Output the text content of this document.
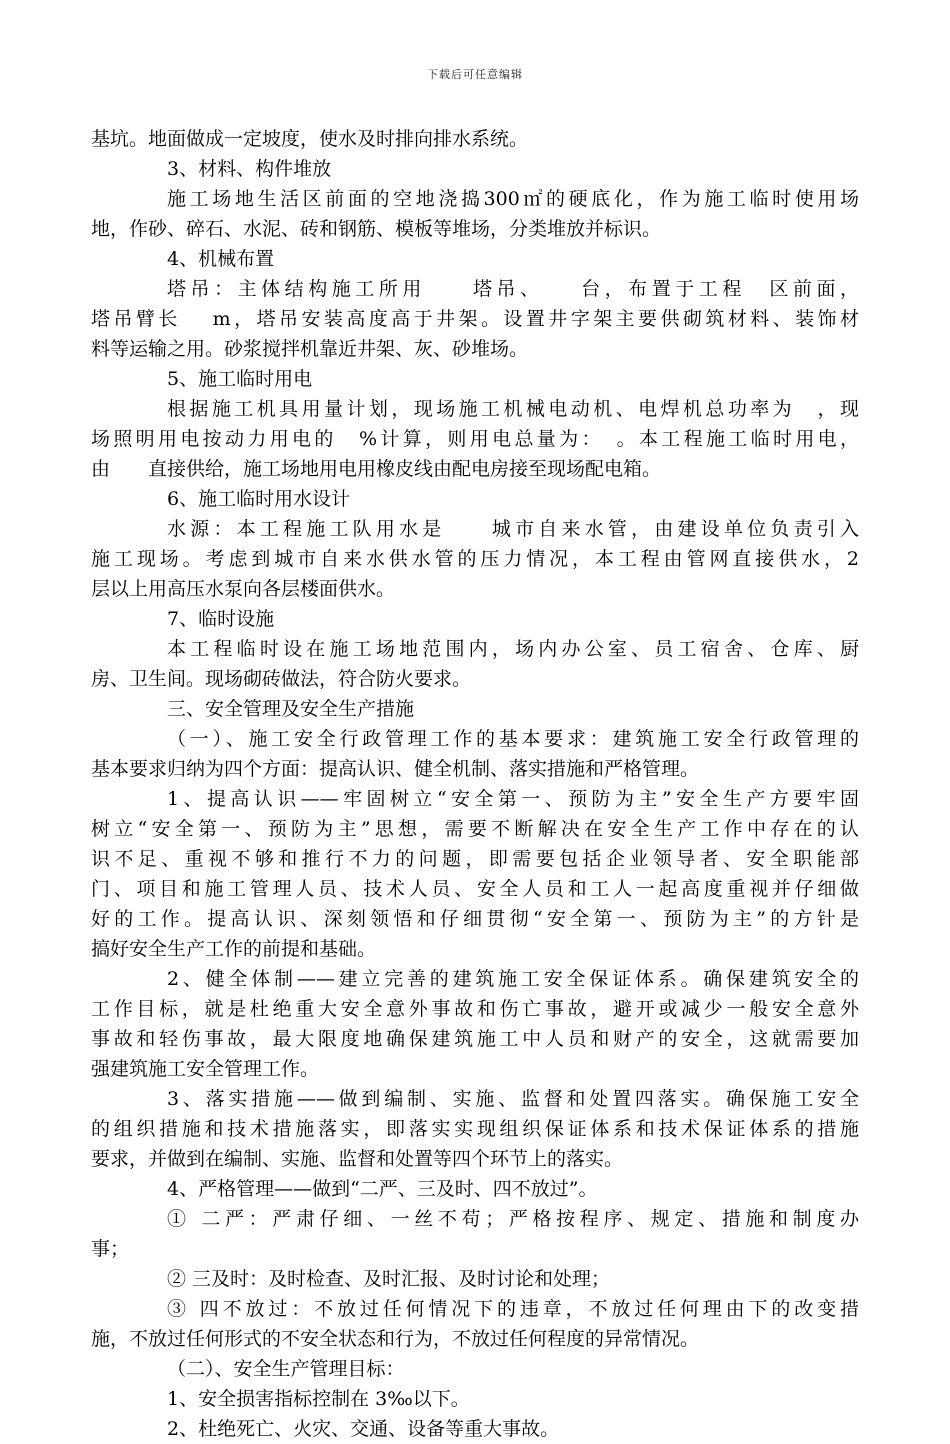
下载后可任意编辑
基坑。地面做成一定坡度，使水及时排向排水系统。
3、材料、构件堆放
施工场地生活区前面的空地浇捣300㎡的硬底化，作为施工临时使用场
地，作砂、碎石、水泥、砖和钢筋、模板等堆场，分类堆放并标识。
4、机械布置
塔吊：主体结构施工所用　　塔吊、　　台，布置于工程　区前面，
塔吊臂长　 m，塔吊安装高度高于井架。设置井字架主要供砌筑材料、装饰材
料等运输之用。砂浆搅拌机靠近井架、灰、砂堆场。
5、施工临时用电
根据施工机具用量计划，现场施工机械电动机、电焊机总功率为　，现
场照明用电按动力用电的　%计算，则用电总量为：　。本工程施工临时用电，
由　　直接供给，施工场地用电用橡皮线由配电房接至现场配电箱。
6、施工临时用水设计
水源：本工程施工队用水是　　城市自来水管，由建设单位负责引入
施工现场。考虑到城市自来水供水管的压力情况，本工程由管网直接供水，2
层以上用高压水泵向各层楼面供水。
7、临时设施
本工程临时设在施工场地范围内，场内办公室、员工宿舍、仓库、厨
房、卫生间。现场砌砖做法，符合防火要求。
三、安全管理及安全生产措施
（一）、施工安全行政管理工作的基本要求：建筑施工安全行政管理的
基本要求归纳为四个方面：提高认识、健全机制、落实措施和严格管理。
1、提高认识——牢固树立“安全第一、预防为主”安全生产方要牢固
树立“安全第一、预防为主”思想，需要不断解决在安全生产工作中存在的认
识不足、重视不够和推行不力的问题，即需要包括企业领导者、安全职能部
门、项目和施工管理人员、技术人员、安全人员和工人一起高度重视并仔细做
好的工作。提高认识、深刻领悟和仔细贯彻“安全第一、预防为主”的方针是
搞好安全生产工作的前提和基础。
2、健全体制——建立完善的建筑施工安全保证体系。确保建筑安全的
工作目标，就是杜绝重大安全意外事故和伤亡事故，避开或减少一般安全意外
事故和轻伤事故，最大限度地确保建筑施工中人员和财产的安全，这就需要加
强建筑施工安全管理工作。
3、落实措施——做到编制、实施、监督和处置四落实。确保施工安全
的组织措施和技术措施落实，即落实实现组织保证体系和技术保证体系的措施
要求，并做到在编制、实施、监督和处置等四个环节上的落实。
4、严格管理——做到“二严、三及时、四不放过”。
① 二严：严肃仔细、一丝不苟；严格按程序、规定、措施和制度办
事；
② 三及时：及时检查、及时汇报、及时讨论和处理；
③ 四不放过：不放过任何情况下的违章，不放过任何理由下的改变措
施，不放过任何形式的不安全状态和行为，不放过任何程度的异常情况。
（二）、安全生产管理目标：
1、安全损害指标控制在 3‰以下。
2、杜绝死亡、火灾、交通、设备等重大事故。
